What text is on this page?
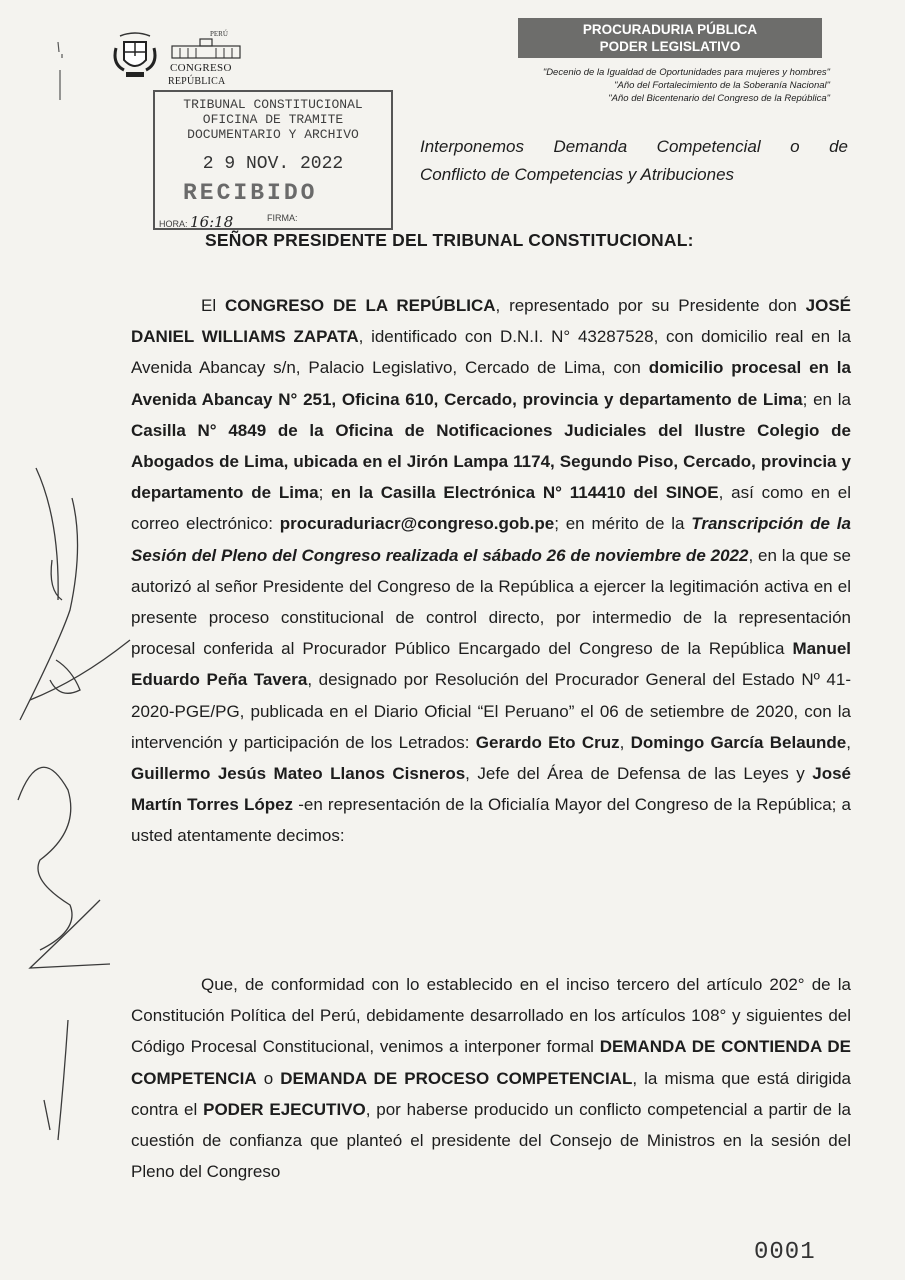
PERÚ
CONGRESO
REPÚBLICA
PROCURADURIA PÚBLICA
PODER LEGISLATIVO
"Decenio de la Igualdad de Oportunidades para mujeres y hombres"
"Año del Fortalecimiento de la Soberanía Nacional"
"Año del Bicentenario del Congreso de la República"
TRIBUNAL CONSTITUCIONAL
OFICINA DE TRAMITE
DOCUMENTARIO Y ARCHIVO
2 9 NOV. 2022
RECIBIDO
HORA: 16:18	FIRMA:
Interponemos Demanda Competencial o de
Conflicto de Competencias y Atribuciones
SEÑOR PRESIDENTE DEL TRIBUNAL CONSTITUCIONAL:
El CONGRESO DE LA REPÚBLICA, representado por su Presidente don JOSÉ DANIEL WILLIAMS ZAPATA, identificado con D.N.I. N° 43287528, con domicilio real en la Avenida Abancay s/n, Palacio Legislativo, Cercado de Lima, con domicilio procesal en la Avenida Abancay N° 251, Oficina 610, Cercado, provincia y departamento de Lima; en la Casilla N° 4849 de la Oficina de Notificaciones Judiciales del Ilustre Colegio de Abogados de Lima, ubicada en el Jirón Lampa 1174, Segundo Piso, Cercado, provincia y departamento de Lima; en la Casilla Electrónica N° 114410 del SINOE, así como en el correo electrónico: procuraduriacr@congreso.gob.pe; en mérito de la Transcripción de la Sesión del Pleno del Congreso realizada el sábado 26 de noviembre de 2022, en la que se autorizó al señor Presidente del Congreso de la República a ejercer la legitimación activa en el presente proceso constitucional de control directo, por intermedio de la representación procesal conferida al Procurador Público Encargado del Congreso de la República Manuel Eduardo Peña Tavera, designado por Resolución del Procurador General del Estado Nº 41-2020-PGE/PG, publicada en el Diario Oficial “El Peruano” el 06 de setiembre de 2020, con la intervención y participación de los Letrados: Gerardo Eto Cruz, Domingo García Belaunde, Guillermo Jesús Mateo Llanos Cisneros, Jefe del Área de Defensa de las Leyes y José Martín Torres López -en representación de la Oficialía Mayor del Congreso de la República; a usted atentamente decimos:
Que, de conformidad con lo establecido en el inciso tercero del artículo 202° de la Constitución Política del Perú, debidamente desarrollado en los artículos 108° y siguientes del Código Procesal Constitucional, venimos a interponer formal DEMANDA DE CONTIENDA DE COMPETENCIA o DEMANDA DE PROCESO COMPETENCIAL, la misma que está dirigida contra el PODER EJECUTIVO, por haberse producido un conflicto competencial a partir de la cuestión de confianza que planteó el presidente del Consejo de Ministros en la sesión del Pleno del Congreso
0001
